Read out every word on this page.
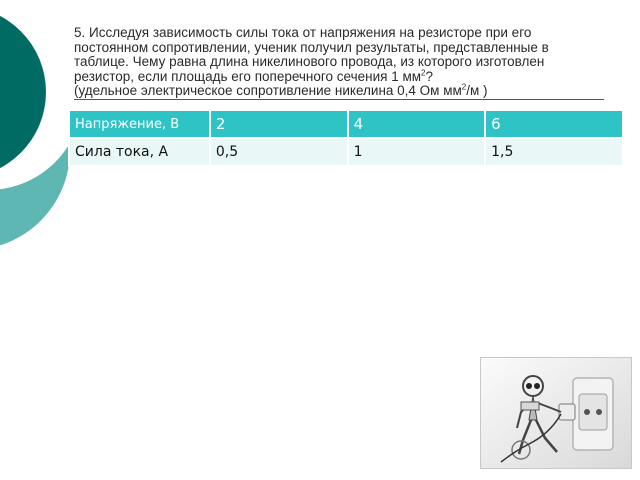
5. Исследуя зависимость силы тока от напряжения на резисторе при его

постоянном сопротивлении, ученик получил результаты, представленные в

таблице. Чему равна длина никелинового провода, из которого изготовлен

резистор, если площадь его поперечного сечения 1 $мм^2$?

(удельное электрическое сопротивление никелина 0,4 Ом $мм^2/м$ )

Напряжение, В	2	4	6
Сила тока, А	0,5	1	1,5
